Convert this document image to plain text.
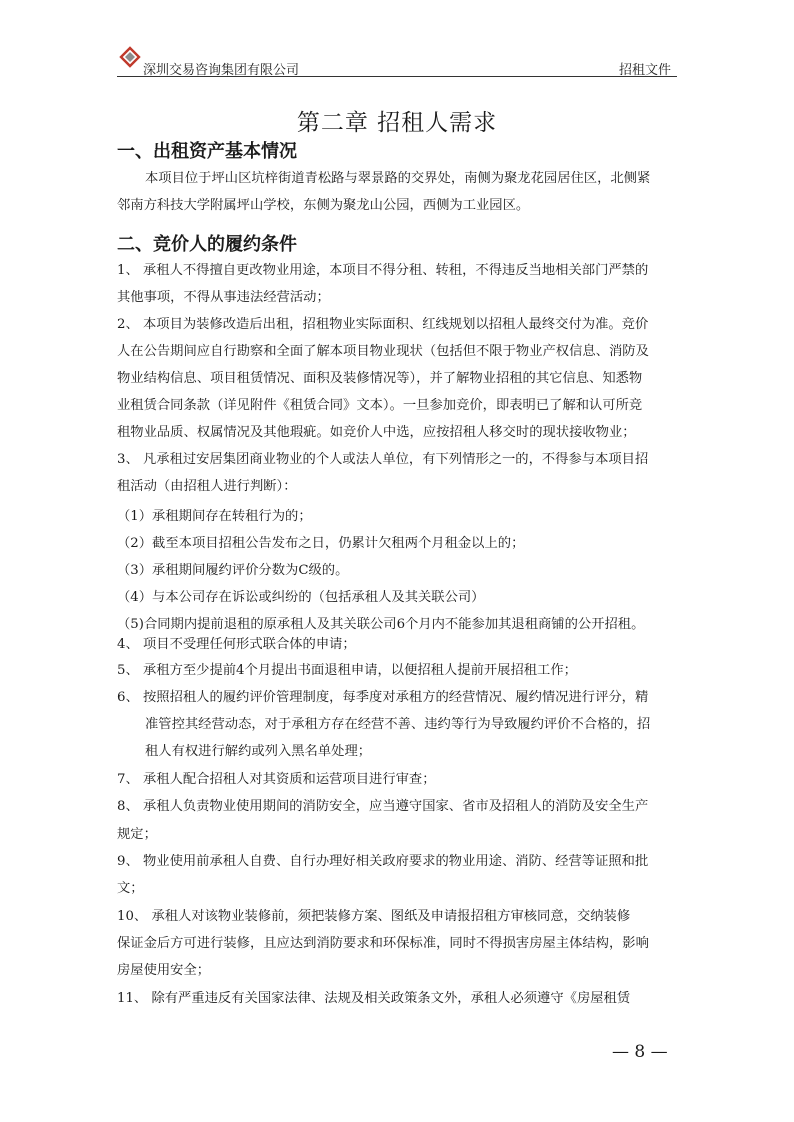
深圳交易咨询集团有限公司	招租文件
第二章 招租人需求
一、出租资产基本情况
本项目位于坪山区坑梓街道青松路与翠景路的交界处，南侧为聚龙花园居住区，北侧紧
邻南方科技大学附属坪山学校，东侧为聚龙山公园，西侧为工业园区。
二、竞价人的履约条件
1、 承租人不得擅自更改物业用途，本项目不得分租、转租，不得违反当地相关部门严禁的
其他事项，不得从事违法经营活动；
2、 本项目为装修改造后出租，招租物业实际面积、红线规划以招租人最终交付为准。竞价
人在公告期间应自行勘察和全面了解本项目物业现状（包括但不限于物业产权信息、消防及
物业结构信息、项目租赁情况、面积及装修情况等），并了解物业招租的其它信息、知悉物
业租赁合同条款（详见附件《租赁合同》文本）。一旦参加竞价，即表明已了解和认可所竞
租物业品质、权属情况及其他瑕疵。如竞价人中选，应按招租人移交时的现状接收物业；
3、 凡承租过安居集团商业物业的个人或法人单位，有下列情形之一的，不得参与本项目招
租活动（由招租人进行判断）：
（1）承租期间存在转租行为的；
（2）截至本项目招租公告发布之日，仍累计欠租两个月租金以上的；
（3）承租期间履约评价分数为C级的。
（4）与本公司存在诉讼或纠纷的（包括承租人及其关联公司）
（5)合同期内提前退租的原承租人及其关联公司6个月内不能参加其退租商铺的公开招租。
4、 项目不受理任何形式联合体的申请；
5、 承租方至少提前4个月提出书面退租申请，以便招租人提前开展招租工作；
6、 按照招租人的履约评价管理制度，每季度对承租方的经营情况、履约情况进行评分，精
准管控其经营动态，对于承租方存在经营不善、违约等行为导致履约评价不合格的，招
租人有权进行解约或列入黑名单处理；
7、 承租人配合招租人对其资质和运营项目进行审查；
8、 承租人负责物业使用期间的消防安全，应当遵守国家、省市及招租人的消防及安全生产
规定；
9、 物业使用前承租人自费、自行办理好相关政府要求的物业用途、消防、经营等证照和批
文；
10、 承租人对该物业装修前，须把装修方案、图纸及申请报招租方审核同意，交纳装修
保证金后方可进行装修，且应达到消防要求和环保标准，同时不得损害房屋主体结构，影响
房屋使用安全；
11、 除有严重违反有关国家法律、法规及相关政策条文外，承租人必须遵守《房屋租赁
— 8 —
